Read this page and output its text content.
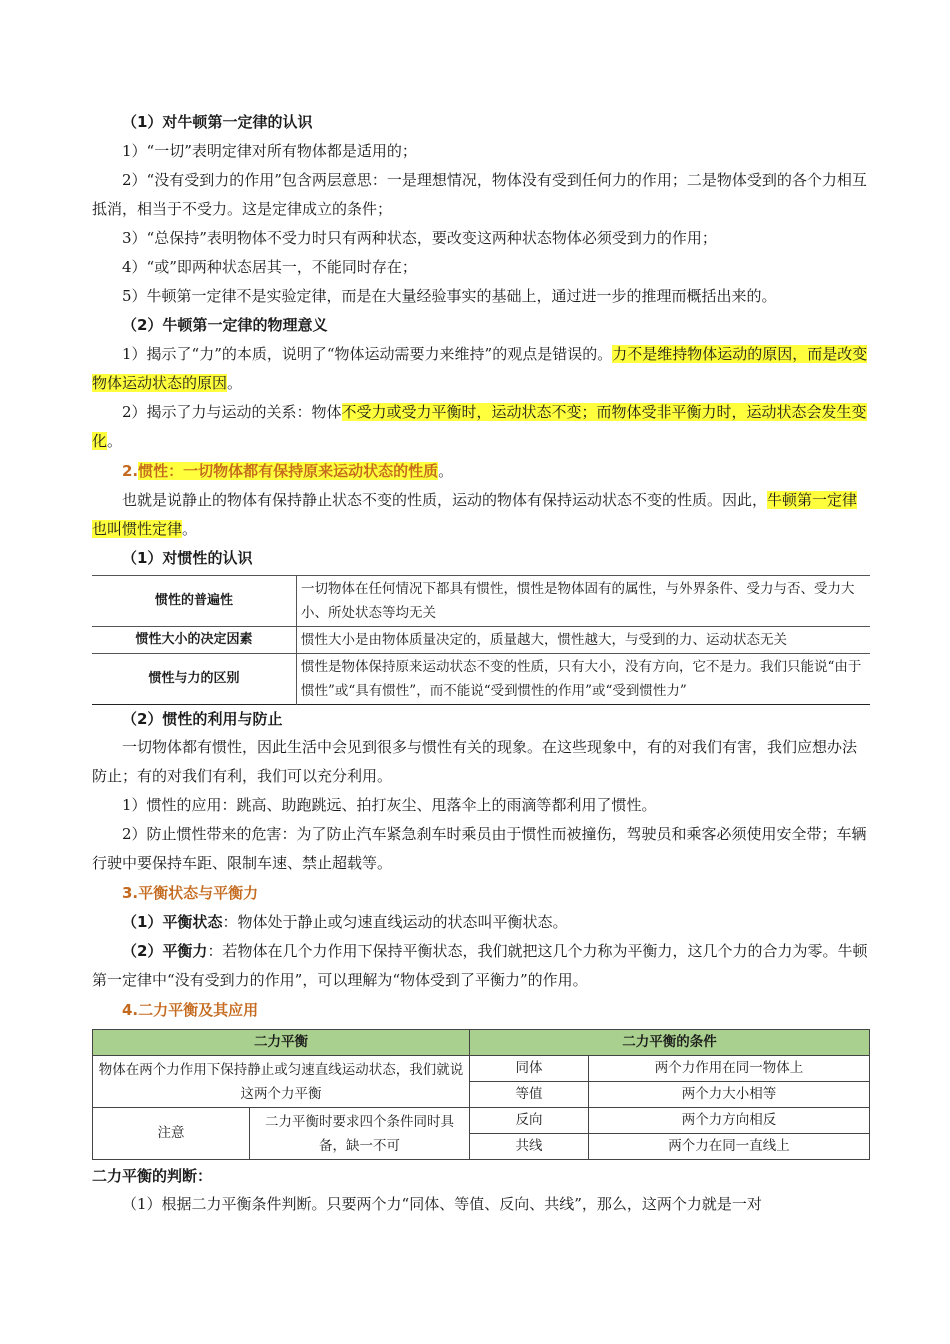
（1）对牛顿第一定律的认识

1）“一切”表明定律对所有物体都是适用的；

2）“没有受到力的作用”包含两层意思：一是理想情况，物体没有受到任何力的作用；二是物体受到的各个力相互抵消，相当于不受力。这是定律成立的条件；

3）“总保持”表明物体不受力时只有两种状态，要改变这两种状态物体必须受到力的作用；

4）“或”即两种状态居其一，不能同时存在；

5）牛顿第一定律不是实验定律，而是在大量经验事实的基础上，通过进一步的推理而概括出来的。

（2）牛顿第一定律的物理意义

1）揭示了“力”的本质，说明了“物体运动需要力来维持”的观点是错误的。力不是维持物体运动的原因，而是改变物体运动状态的原因。

2）揭示了力与运动的关系：物体不受力或受力平衡时，运动状态不变；而物体受非平衡力时，运动状态会发生变化。

2.惯性：一切物体都有保持原来运动状态的性质。

也就是说静止的物体有保持静止状态不变的性质，运动的物体有保持运动状态不变的性质。因此，牛顿第一定律也叫惯性定律。

（1）对惯性的认识

惯性的普遍性	一切物体在任何情况下都具有惯性，惯性是物体固有的属性，与外界条件、受力与否、受力大小、所处状态等均无关
惯性大小的决定因素	惯性大小是由物体质量决定的，质量越大，惯性越大，与受到的力、运动状态无关
惯性与力的区别	惯性是物体保持原来运动状态不变的性质，只有大小，没有方向，它不是力。我们只能说“由于惯性”或“具有惯性”，而不能说“受到惯性的作用”或“受到惯性力”

（2）惯性的利用与防止

一切物体都有惯性，因此生活中会见到很多与惯性有关的现象。在这些现象中，有的对我们有害，我们应想办法防止；有的对我们有利，我们可以充分利用。

1）惯性的应用：跳高、助跑跳远、拍打灰尘、甩落伞上的雨滴等都利用了惯性。

2）防止惯性带来的危害：为了防止汽车紧急刹车时乘员由于惯性而被撞伤，驾驶员和乘客必须使用安全带；车辆行驶中要保持车距、限制车速、禁止超载等。

3.平衡状态与平衡力

（1）平衡状态：物体处于静止或匀速直线运动的状态叫平衡状态。

（2）平衡力：若物体在几个力作用下保持平衡状态，我们就把这几个力称为平衡力，这几个力的合力为零。牛顿第一定律中“没有受到力的作用”，可以理解为“物体受到了平衡力”的作用。

4.二力平衡及其应用

二力平衡		二力平衡的条件	
物体在两个力作用下保持静止或匀速直线运动状态，我们就说这两个力平衡		同体	两个力作用在同一物体上
		等值	两个力大小相等
注意	二力平衡时要求四个条件同时具备，缺一不可	反向	两个力方向相反
		共线	两个力在同一直线上

二力平衡的判断：

（1）根据二力平衡条件判断。只要两个力“同体、等值、反向、共线”，那么，这两个力就是一对
